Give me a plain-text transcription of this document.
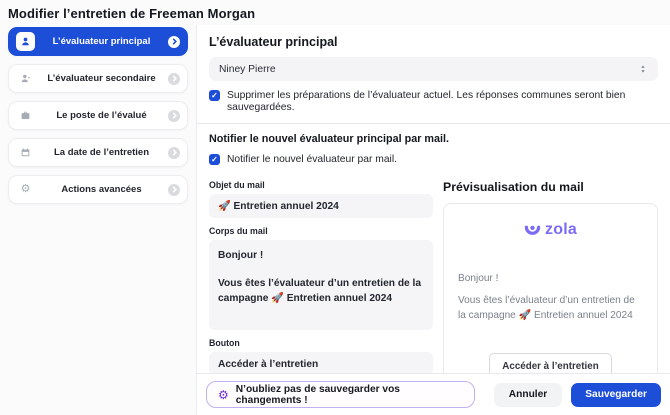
Modifier l’entretien de Freeman Morgan
L’évaluateur principal
L’évaluateur secondaire
Le poste de l’évalué
La date de l’entretien
⚙	Actions avancées
L’évaluateur principal
Niney Pierre
✓ Supprimer les préparations de l’évaluateur actuel. Les réponses communes seront bien sauvegardées.
Notifier le nouvel évaluateur principal par mail.
✓ Notifier le nouvel évaluateur par mail.
Objet du mail
🚀 Entretien annuel 2024
Corps du mail
Bonjour !
Vous êtes l’évaluateur d’un entretien de la campagne 🚀 Entretien annuel 2024
Bouton
Accéder à l’entretien
Prévisualisation du mail
zola
Bonjour !
Vous êtes l’évaluateur d’un entretien de la campagne 🚀 Entretien annuel 2024
Accéder à l’entretien
⚙ N’oubliez pas de sauvegarder vos changements !	Annuler	Sauvegarder
